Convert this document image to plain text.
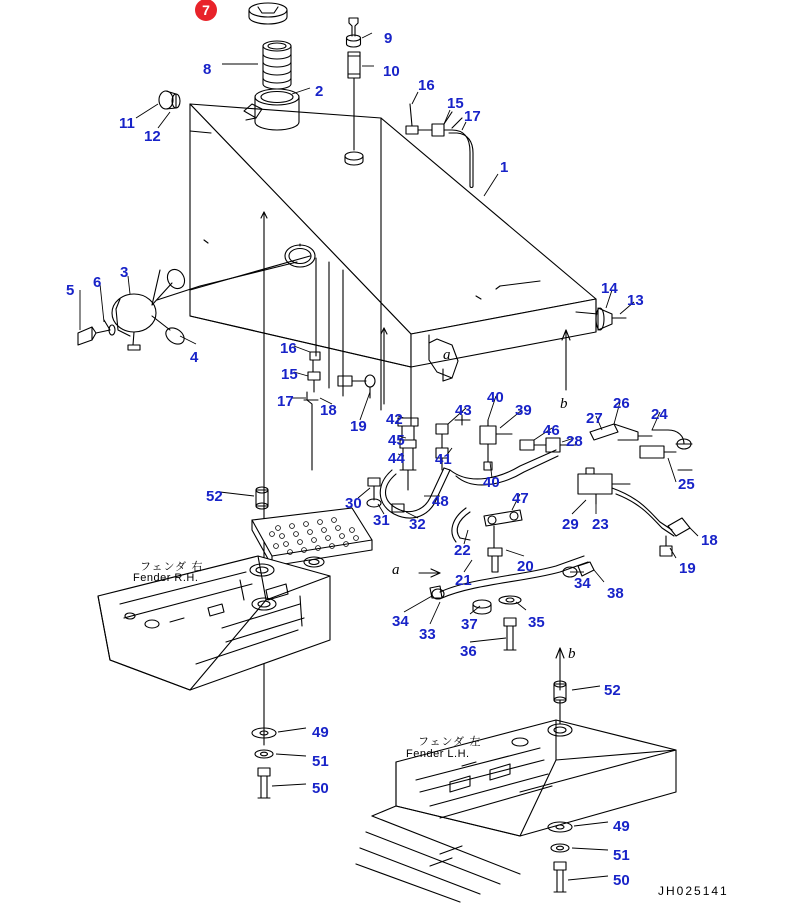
7
9
8	10
16
2
15
17
11
12
1
5 6
3
14
13
4
16
15
17
18
19 42
43
40
39	26
24
27
46
28
45
44 41
25
40
47
48
52	30
31 32	29 23
18
22
20	19
21
38
34
34
33
37	35
36
52
49
51
50
49
51
50
b
a
b
a
フェンダ 右
Fender R.H.
フェンダ 左
Fender L.H.
JH025141
